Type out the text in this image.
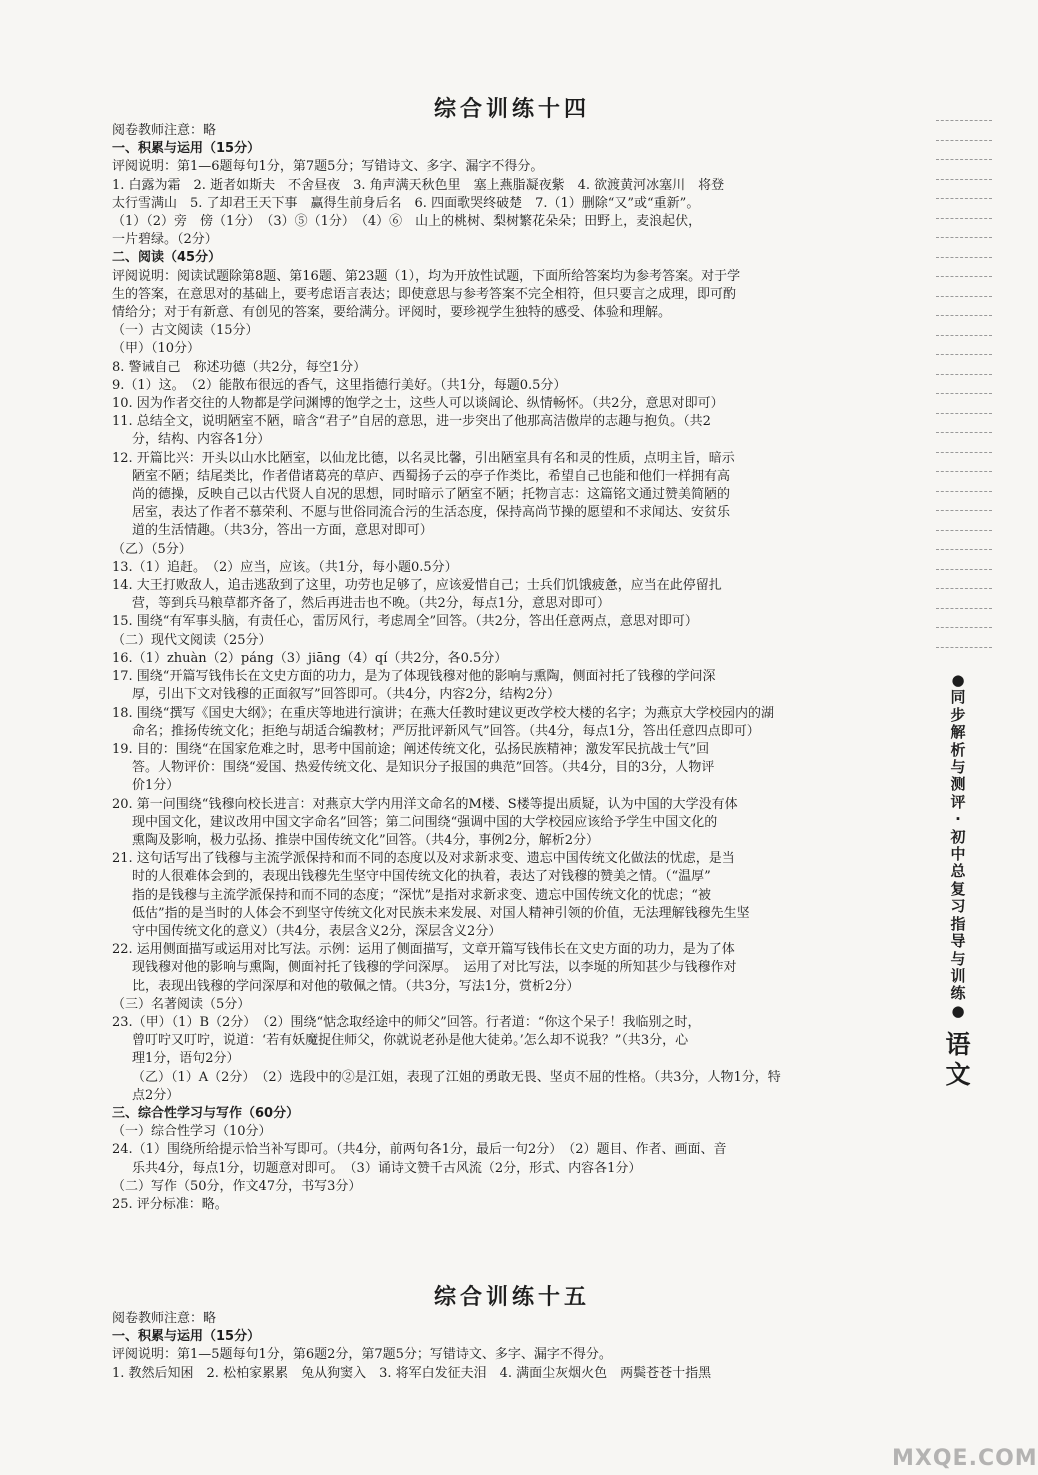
综合训练十四

阅卷教师注意：略

一、积累与运用（15分）

评阅说明：第1—6题每句1分，第7题5分；写错诗文、多字、漏字不得分。

1. 白露为霜　2. 逝者如斯夫　不舍昼夜　3. 角声满天秋色里　塞上燕脂凝夜紫　4. 欲渡黄河冰塞川　将登

太行雪满山　5. 了却君王天下事　赢得生前身后名　6. 四面歌哭终破楚　7.（1）删除“又”或“重新”。

（1）（2）旁　傍（1分）　（3）⑤（1分）　（4）⑥　山上的桃树、梨树繁花朵朵；田野上，麦浪起伏，

一片碧绿。（2分）

二、阅读（45分）

评阅说明：阅读试题除第8题、第16题、第23题（1），均为开放性试题，下面所给答案均为参考答案。对于学

生的答案，在意思对的基础上，要考虑语言表达；即使意思与参考答案不完全相符，但只要言之成理，即可酌

情给分；对于有新意、有创见的答案，要给满分。评阅时，要珍视学生独特的感受、体验和理解。

（一）古文阅读（15分）

（甲）（10分）

8. 警诫自己　称述功德（共2分，每空1分）

9.（1）这。　（2）能散布很远的香气，这里指德行美好。（共1分，每题0.5分）

10. 因为作者交往的人物都是学问渊博的饱学之士，这些人可以谈阔论、纵情畅怀。（共2分，意思对即可）

11. 总结全文，说明陋室不陋，暗含“君子”自居的意思，进一步突出了他那高洁傲岸的志趣与抱负。（共2

分，结构、内容各1分）

12. 开篇比兴：开头以山水比陋室，以仙龙比德，以名灵比馨，引出陋室具有名和灵的性质，点明主旨，暗示

陋室不陋；结尾类比，作者借诸葛亮的草庐、西蜀扬子云的亭子作类比，希望自己也能和他们一样拥有高

尚的德操，反映自己以古代贤人自况的思想，同时暗示了陋室不陋；托物言志：这篇铭文通过赞美简陋的

居室，表达了作者不慕荣利、不愿与世俗同流合污的生活态度，保持高尚节操的愿望和不求闻达、安贫乐

道的生活情趣。（共3分，答出一方面，意思对即可）

（乙）（5分）

13.（1）追赶。　（2）应当，应该。（共1分，每小题0.5分）

14. 大王打败敌人，追击逃敌到了这里，功劳也足够了，应该爱惜自己；士兵们饥饿疲惫，应当在此停留扎

营，等到兵马粮草都齐备了，然后再进击也不晚。（共2分，每点1分，意思对即可）

15. 围绕“有军事头脑，有责任心，雷厉风行，考虑周全”回答。（共2分，答出任意两点，意思对即可）

（二）现代文阅读（25分）

16.（1）zhuàn（2）páng（3）jiāng（4）qí（共2分，各0.5分）

17. 围绕“开篇写钱伟长在文史方面的功力，是为了体现钱穆对他的影响与熏陶，侧面衬托了钱穆的学问深

厚，引出下文对钱穆的正面叙写”回答即可。（共4分，内容2分，结构2分）

18. 围绕“撰写《国史大纲》；在重庆等地进行演讲；在燕大任教时建议更改学校大楼的名字；为燕京大学校园内的湖

命名；推扬传统文化；拒绝与胡适合编教材；严厉批评新风气”回答。（共4分，每点1分，答出任意四点即可）

19. 目的：围绕“在国家危难之时，思考中国前途；阐述传统文化，弘扬民族精神；激发军民抗战士气”回

答。人物评价：围绕“爱国、热爱传统文化、是知识分子报国的典范”回答。（共4分，目的3分，人物评

价1分）

20. 第一问围绕“钱穆向校长进言：对燕京大学内用洋文命名的M楼、S楼等提出质疑，认为中国的大学没有体

现中国文化，建议改用中国文字命名”回答；第二问围绕“强调中国的大学校园应该给予学生中国文化的

熏陶及影响，极力弘扬、推崇中国传统文化”回答。（共4分，事例2分，解析2分）

21. 这句话写出了钱穆与主流学派保持和而不同的态度以及对求新求变、遗忘中国传统文化做法的忧虑，是当

时的人很难体会到的，表现出钱穆先生坚守中国传统文化的执着，表达了对钱穆的赞美之情。（“温厚”

指的是钱穆与主流学派保持和而不同的态度；“深忧”是指对求新求变、遗忘中国传统文化的忧虑；“被

低估”指的是当时的人体会不到坚守传统文化对民族未来发展、对国人精神引领的价值，无法理解钱穆先生坚

守中国传统文化的意义）（共4分，表层含义2分，深层含义2分）

22. 运用侧面描写或运用对比写法。示例：运用了侧面描写，文章开篇写钱伟长在文史方面的功力，是为了体

现钱穆对他的影响与熏陶，侧面衬托了钱穆的学问深厚。　运用了对比写法，以李埏的所知甚少与钱穆作对

比，表现出钱穆的学问深厚和对他的敬佩之情。（共3分，写法1分，赏析2分）

（三）名著阅读（5分）

23.（甲）（1）B（2分）　（2）围绕“惦念取经途中的师父”回答。行者道：“你这个呆子！我临别之时，

曾叮咛又叮咛，说道：‘若有妖魔捉住师父，你就说老孙是他大徒弟。’怎么却不说我？”（共3分，心

理1分，语句2分）

（乙）（1）A（2分）　（2）选段中的②是江姐，表现了江姐的勇敢无畏、坚贞不屈的性格。（共3分，人物1分，特

点2分）

三、综合性学习与写作（60分）

（一）综合性学习（10分）

24.（1）围绕所给提示恰当补写即可。（共4分，前两句各1分，最后一句2分）　（2）题目、作者、画面、音

乐共4分，每点1分，切题意对即可。　（3）诵诗文赞千古风流（2分，形式、内容各1分）

（二）写作（50分，作文47分，书写3分）

25. 评分标准：略。

综合训练十五

阅卷教师注意：略

一、积累与运用（15分）

评阅说明：第1—5题每句1分，第6题2分，第7题5分；写错诗文、多字、漏字不得分。

1. 教然后知困　2. 松柏家累累　兔从狗窦入　3. 将军白发征夫泪　4. 满面尘灰烟火色　两鬓苍苍十指黑

●同步解析与测评·初中总复习指导与训练●
语文
MXQE.COM
